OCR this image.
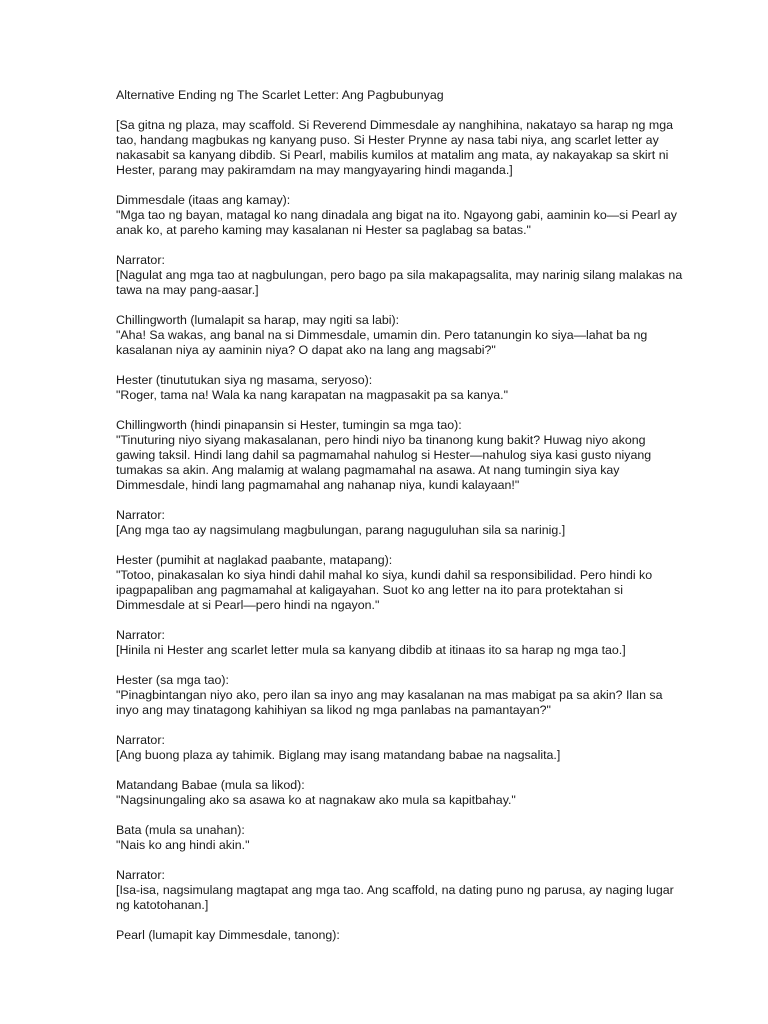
Alternative Ending ng The Scarlet Letter: Ang Pagbubunyag
[Sa gitna ng plaza, may scaffold. Si Reverend Dimmesdale ay nanghihina, nakatayo sa harap ng mga
tao, handang magbukas ng kanyang puso. Si Hester Prynne ay nasa tabi niya, ang scarlet letter ay
nakasabit sa kanyang dibdib. Si Pearl, mabilis kumilos at matalim ang mata, ay nakayakap sa skirt ni
Hester, parang may pakiramdam na may mangyayaring hindi maganda.]
Dimmesdale (itaas ang kamay):
"Mga tao ng bayan, matagal ko nang dinadala ang bigat na ito. Ngayong gabi, aaminin ko—si Pearl ay
anak ko, at pareho kaming may kasalanan ni Hester sa paglabag sa batas."
Narrator:
[Nagulat ang mga tao at nagbulungan, pero bago pa sila makapagsalita, may narinig silang malakas na
tawa na may pang-aasar.]
Chillingworth (lumalapit sa harap, may ngiti sa labi):
"Aha! Sa wakas, ang banal na si Dimmesdale, umamin din. Pero tatanungin ko siya—lahat ba ng
kasalanan niya ay aaminin niya? O dapat ako na lang ang magsabi?"
Hester (tinututukan siya ng masama, seryoso):
"Roger, tama na! Wala ka nang karapatan na magpasakit pa sa kanya."
Chillingworth (hindi pinapansin si Hester, tumingin sa mga tao):
"Tinuturing niyo siyang makasalanan, pero hindi niyo ba tinanong kung bakit? Huwag niyo akong
gawing taksil. Hindi lang dahil sa pagmamahal nahulog si Hester—nahulog siya kasi gusto niyang
tumakas sa akin. Ang malamig at walang pagmamahal na asawa. At nang tumingin siya kay
Dimmesdale, hindi lang pagmamahal ang nahanap niya, kundi kalayaan!"
Narrator:
[Ang mga tao ay nagsimulang magbulungan, parang naguguluhan sila sa narinig.]
Hester (pumihit at naglakad paabante, matapang):
"Totoo, pinakasalan ko siya hindi dahil mahal ko siya, kundi dahil sa responsibilidad. Pero hindi ko
ipagpapaliban ang pagmamahal at kaligayahan. Suot ko ang letter na ito para protektahan si
Dimmesdale at si Pearl—pero hindi na ngayon."
Narrator:
[Hinila ni Hester ang scarlet letter mula sa kanyang dibdib at itinaas ito sa harap ng mga tao.]
Hester (sa mga tao):
"Pinagbintangan niyo ako, pero ilan sa inyo ang may kasalanan na mas mabigat pa sa akin? Ilan sa
inyo ang may tinatagong kahihiyan sa likod ng mga panlabas na pamantayan?"
Narrator:
[Ang buong plaza ay tahimik. Biglang may isang matandang babae na nagsalita.]
Matandang Babae (mula sa likod):
"Nagsinungaling ako sa asawa ko at nagnakaw ako mula sa kapitbahay."
Bata (mula sa unahan):
"Nais ko ang hindi akin."
Narrator:
[Isa-isa, nagsimulang magtapat ang mga tao. Ang scaffold, na dating puno ng parusa, ay naging lugar
ng katotohanan.]
Pearl (lumapit kay Dimmesdale, tanong):
